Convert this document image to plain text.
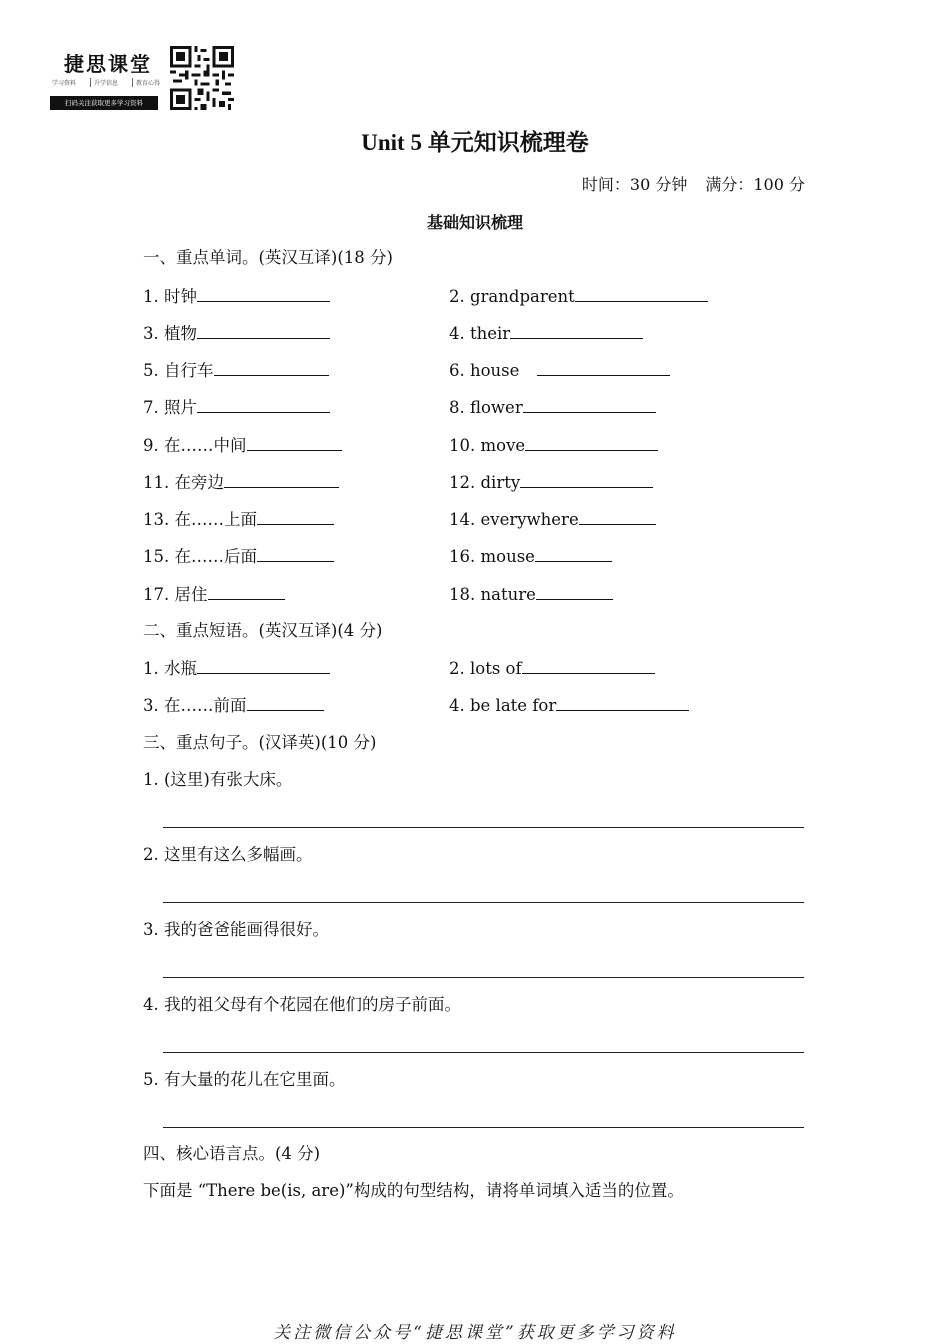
捷思课堂
学习资料	升学信息	教育心得
扫码关注获取更多学习资料
Unit 5 单元知识梳理卷
时间：30 分钟 满分：100 分
基础知识梳理
一、重点单词。(英汉互译)(18 分)
1. 时钟	2. grandparent
3. 植物	4. their
5. 自行车	6. house
7. 照片	8. flower
9. 在……中间	10. move
11. 在旁边	12. dirty
13. 在……上面	14. everywhere
15. 在……后面	16. mouse
17. 居住	18. nature
二、重点短语。(英汉互译)(4 分)
1. 水瓶	2. lots of
3. 在……前面	4. be late for
三、重点句子。(汉译英)(10 分)
1. (这里)有张大床。
2. 这里有这么多幅画。
3. 我的爸爸能画得很好。
4. 我的祖父母有个花园在他们的房子前面。
5. 有大量的花儿在它里面。
四、核心语言点。(4 分)
下面是 “There be(is, are)”构成的句型结构，请将单词填入适当的位置。
关注微信公众号“捷思课堂”获取更多学习资料
